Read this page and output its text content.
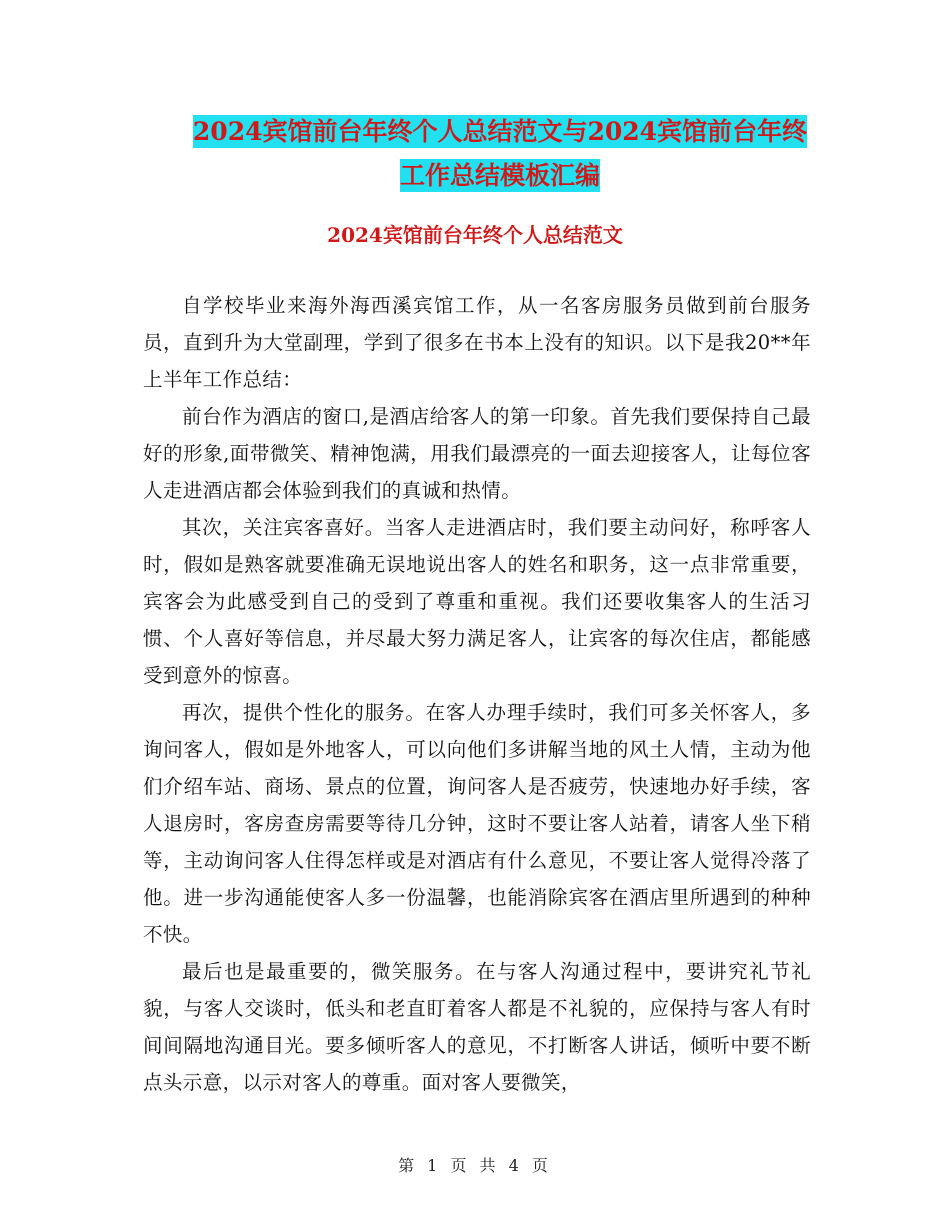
2024宾馆前台年终个人总结范文与2024宾馆前台年终
工作总结模板汇编
2024宾馆前台年终个人总结范文

自学校毕业来海外海西溪宾馆工作，从一名客房服务员做到前台服务员，直到升为大堂副理，学到了很多在书本上没有的知识。以下是我20**年上半年工作总结：

前台作为酒店的窗口,是酒店给客人的第一印象。首先我们要保持自己最好的形象,面带微笑、精神饱满，用我们最漂亮的一面去迎接客人，让每位客人走进酒店都会体验到我们的真诚和热情。

其次，关注宾客喜好。当客人走进酒店时，我们要主动问好，称呼客人时，假如是熟客就要准确无误地说出客人的姓名和职务，这一点非常重要，宾客会为此感受到自己的受到了尊重和重视。我们还要收集客人的生活习惯、个人喜好等信息，并尽最大努力满足客人，让宾客的每次住店，都能感受到意外的惊喜。

再次，提供个性化的服务。在客人办理手续时，我们可多关怀客人，多询问客人，假如是外地客人，可以向他们多讲解当地的风土人情，主动为他们介绍车站、商场、景点的位置，询问客人是否疲劳，快速地办好手续，客人退房时，客房查房需要等待几分钟，这时不要让客人站着，请客人坐下稍等，主动询问客人住得怎样或是对酒店有什么意见，不要让客人觉得冷落了他。进一步沟通能使客人多一份温馨，也能消除宾客在酒店里所遇到的种种不快。

最后也是最重要的，微笑服务。在与客人沟通过程中，要讲究礼节礼貌，与客人交谈时，低头和老直盯着客人都是不礼貌的，应保持与客人有时间间隔地沟通目光。要多倾听客人的意见，不打断客人讲话，倾听中要不断点头示意，以示对客人的尊重。面对客人要微笑，

第 1 页 共 4 页
